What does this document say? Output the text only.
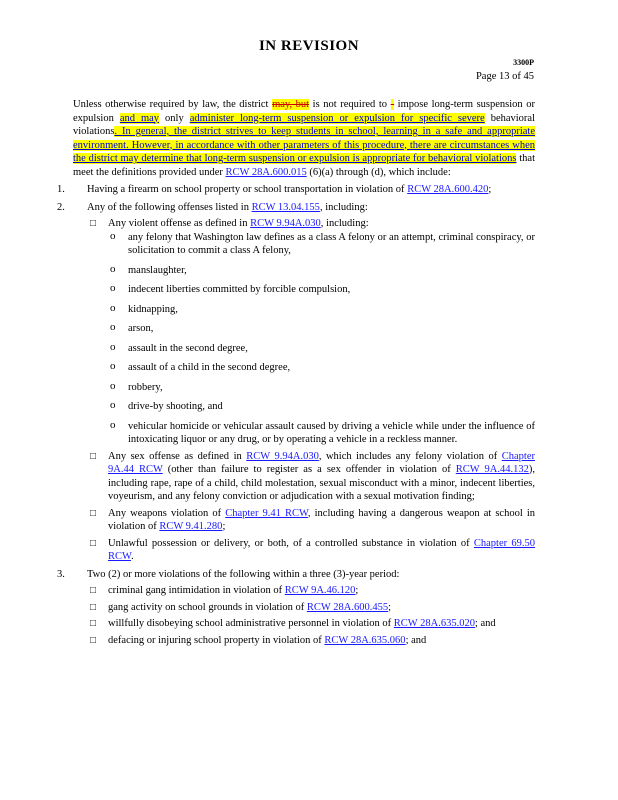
IN REVISION
3300P
Page 13 of 45

Unless otherwise required by law, the district may, but is not required to - impose long-term suspension or expulsion and may only administer long-term suspension or expulsion for specific severe behavioral violations. In general, the district strives to keep students in school, learning in a safe and appropriate environment. However, in accordance with other parameters of this procedure, there are circumstances when the district may determine that long-term suspension or expulsion is appropriate for behavioral violations that meet the definitions provided under RCW 28A.600.015 (6)(a) through (d), which include:

1. Having a firearm on school property or school transportation in violation of RCW 28A.600.420;
2. Any of the following offenses listed in RCW 13.04.155, including:
□ Any violent offense as defined in RCW 9.94A.030, including:
o any felony that Washington law defines as a class A felony or an attempt, criminal conspiracy, or solicitation to commit a class A felony,
o manslaughter,
o indecent liberties committed by forcible compulsion,
o kidnapping,
o arson,
o assault in the second degree,
o assault of a child in the second degree,
o robbery,
o drive-by shooting, and
o vehicular homicide or vehicular assault caused by driving a vehicle while under the influence of intoxicating liquor or any drug, or by operating a vehicle in a reckless manner.
□ Any sex offense as defined in RCW 9.94A.030, which includes any felony violation of Chapter 9A.44 RCW (other than failure to register as a sex offender in violation of RCW 9A.44.132), including rape, rape of a child, child molestation, sexual misconduct with a minor, indecent liberties, voyeurism, and any felony conviction or adjudication with a sexual motivation finding;
□ Any weapons violation of Chapter 9.41 RCW, including having a dangerous weapon at school in violation of RCW 9.41.280;
□ Unlawful possession or delivery, or both, of a controlled substance in violation of Chapter 69.50 RCW.
3. Two (2) or more violations of the following within a three (3)-year period:
□ criminal gang intimidation in violation of RCW 9A.46.120;
□ gang activity on school grounds in violation of RCW 28A.600.455;
□ willfully disobeying school administrative personnel in violation of RCW 28A.635.020; and
□ defacing or injuring school property in violation of RCW 28A.635.060; and
